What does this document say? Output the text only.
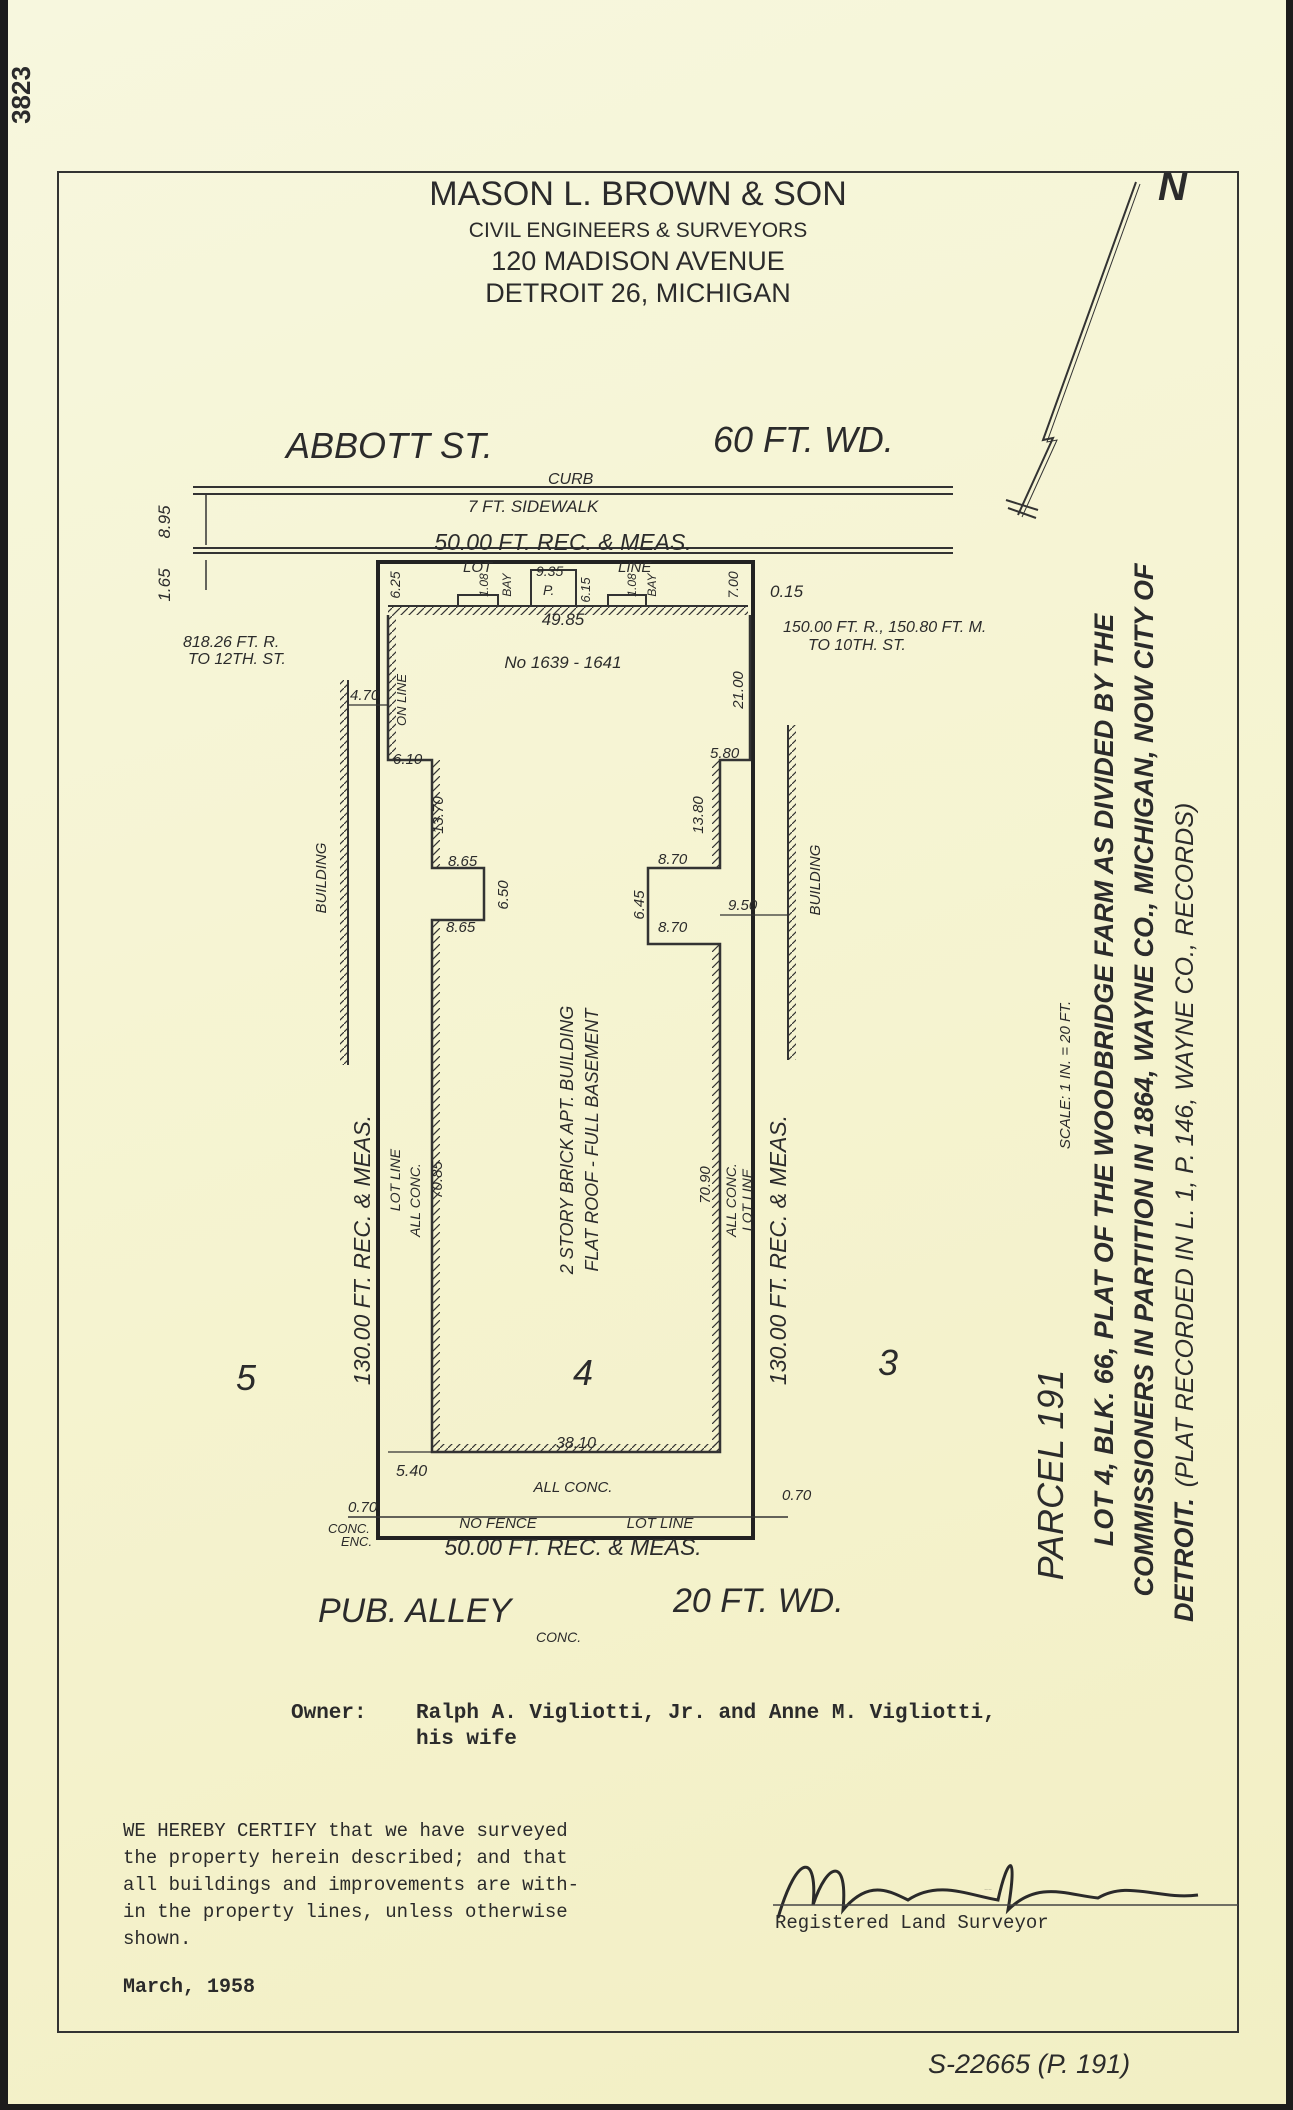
3823
MASON L. BROWN & SON
CIVIL ENGINEERS & SURVEYORS
120 MADISON AVENUE
DETROIT 26, MICHIGAN
N
ABBOTT ST.	60 FT. WD.
CURB
7 FT. SIDEWALK
8.95
1.65
50.00 FT. REC. & MEAS.
LOT	LINE
6.25	1.08 BAY
9.35
P. 6.15	1.08 BAY	7.00 0.15
49.85
818.26 FT. R.
TO 12TH. ST.
150.00 FT. R., 150.80 FT. M.
TO 10TH. ST.
No 1639 - 1641
BUILDING	BUILDING
4.70 ON LINE
6.10
21.00
5.80
13.70
8.65
6.50
8.65
13.80
8.70
6.45	9.50
8.70
2 STORY BRICK APT. BUILDING FLAT ROOF - FULL BASEMENT
LOT LINE ALL CONC. 70.85	70.90 ALL CONC. LOT LINE
130.00 FT. REC. & MEAS.	130.00 FT. REC. & MEAS.
5	4	3
38.10
5.40
ALL CONC.
NO FENCE	LOT LINE
0.70
CONC.
ENC.
0.70
50.00 FT. REC. & MEAS.
PUB. ALLEY
CONC.
20 FT. WD.
SCALE: 1 IN. = 20 FT.
PARCEL 191 LOT 4, BLK. 66, PLAT OF THE WOODBRIDGE FARM AS DIVIDED BY THE COMMISSIONERS IN PARTITION IN 1864, WAYNE CO., MICHIGAN, NOW CITY OF DETROIT.
(PLAT RECORDED IN L. 1, P. 146, WAYNE CO., RECORDS)
Owner: Ralph A. Vigliotti, Jr. and Anne M. Vigliotti,
his wife
WE HEREBY CERTIFY that we have surveyed
the property herein described; and that
all buildings and improvements are with-
in the property lines, unless otherwise
shown.
March, 1958
Mason L. Brown
Registered Land Surveyor
S-22665 (P. 191)
